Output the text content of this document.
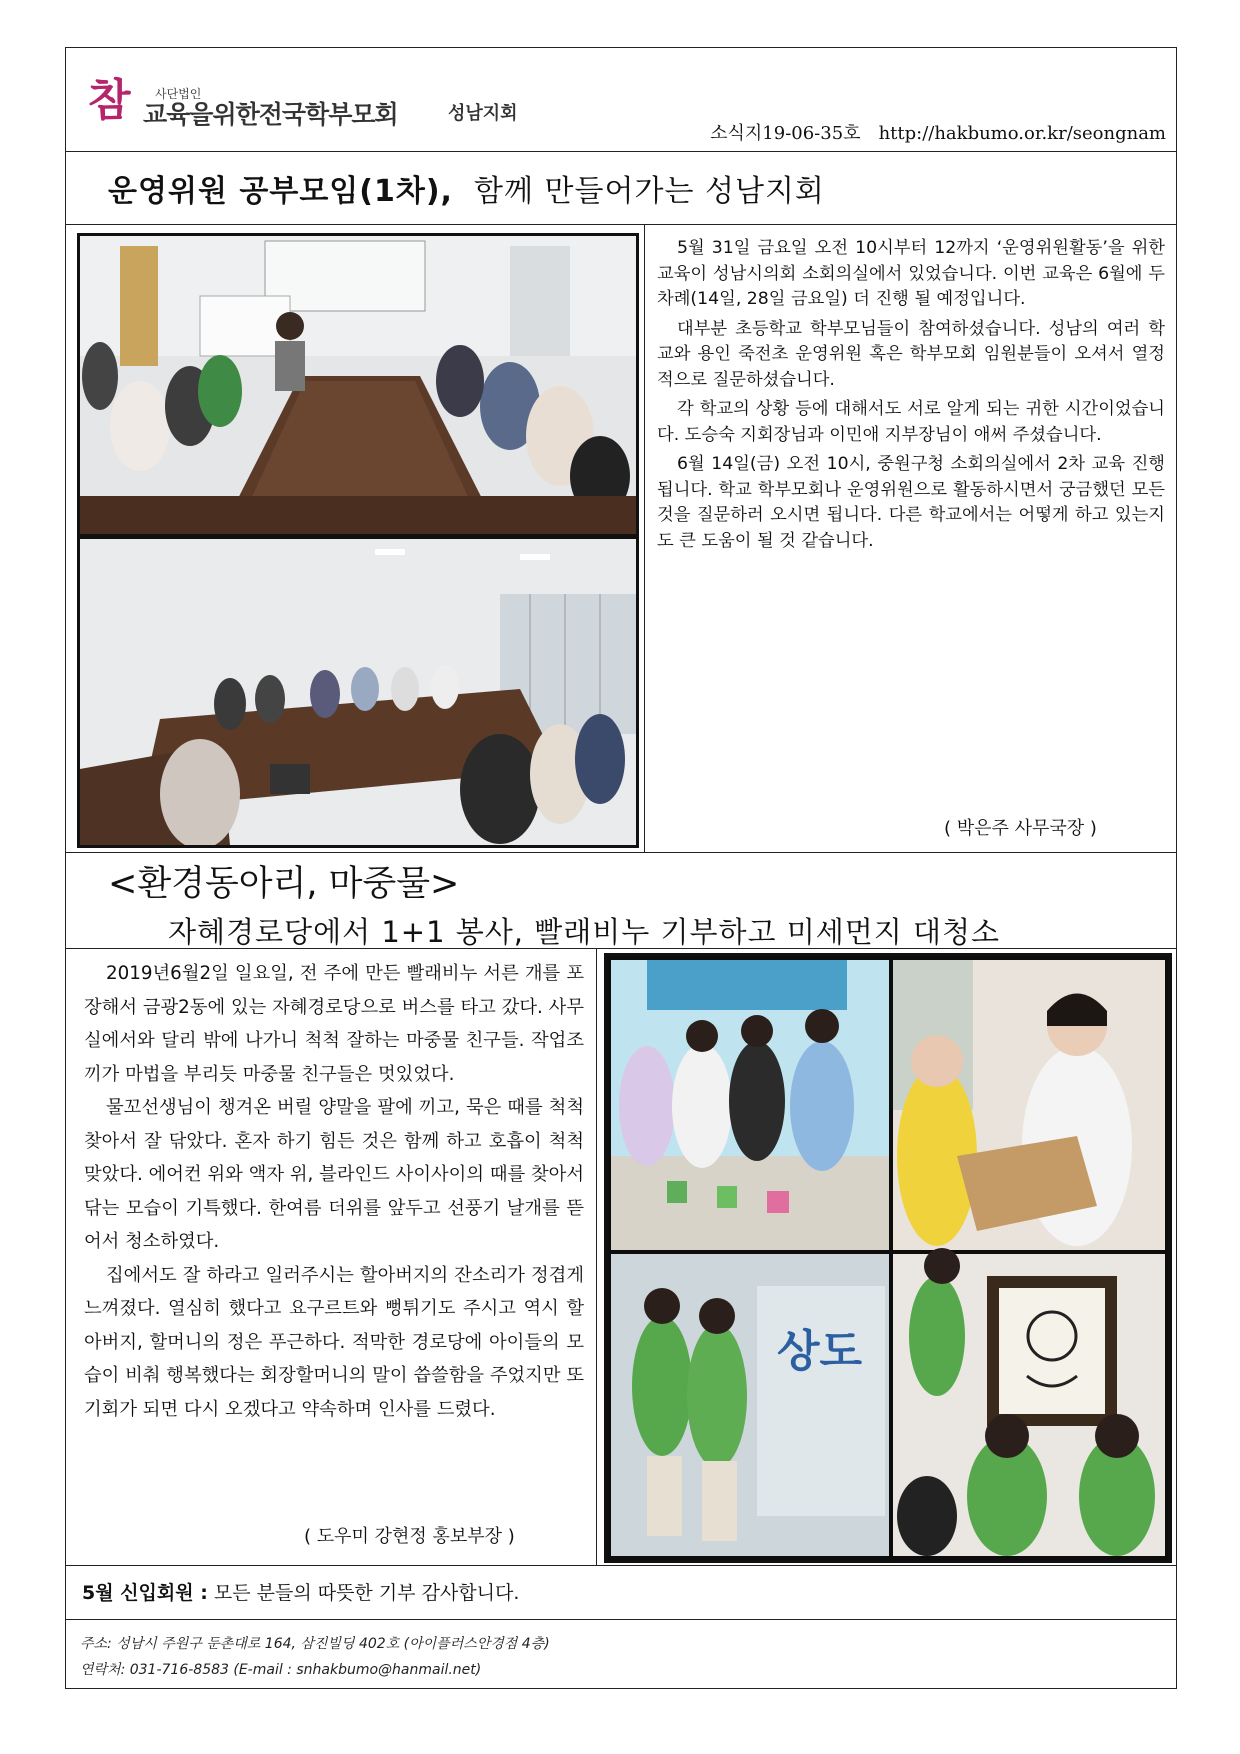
참	사단법인
교육을위한전국학부모회	성남지회
소식지19-06-35호 http://hakbumo.or.kr/seongnam
운영위원 공부모임(1차), 함께 만들어가는 성남지회

5월 31일 금요일 오전 10시부터 12까지 ‘운영위원활동’을 위한 교육이 성남시의회 소회의실에서 있었습니다. 이번 교육은 6월에 두 차례(14일, 28일 금요일) 더 진행 될 예정입니다.

대부분 초등학교 학부모님들이 참여하셨습니다. 성남의 여러 학교와 용인 죽전초 운영위원 혹은 학부모회 임원분들이 오셔서 열정적으로 질문하셨습니다.

각 학교의 상황 등에 대해서도 서로 알게 되는 귀한 시간이었습니다. 도승숙 지회장님과 이민애 지부장님이 애써 주셨습니다.

6월 14일(금) 오전 10시, 중원구청 소회의실에서 2차 교육 진행됩니다. 학교 학부모회나 운영위원으로 활동하시면서 궁금했던 모든 것을 질문하러 오시면 됩니다. 다른 학교에서는 어떻게 하고 있는지도 큰 도움이 될 것 같습니다.

( 박은주 사무국장 )
<환경동아리, 마중물>
자혜경로당에서 1+1 봉사, 빨래비누 기부하고 미세먼지 대청소

2019년6월2일 일요일, 전 주에 만든 빨래비누 서른 개를 포장해서 금광2동에 있는 자혜경로당으로 버스를 타고 갔다. 사무실에서와 달리 밖에 나가니 척척 잘하는 마중물 친구들. 작업조끼가 마법을 부리듯 마중물 친구들은 멋있었다.

물꼬선생님이 챙겨온 버릴 양말을 팔에 끼고, 묵은 때를 척척 찾아서 잘 닦았다. 혼자 하기 힘든 것은 함께 하고 호흡이 척척 맞았다. 에어컨 위와 액자 위, 블라인드 사이사이의 때를 찾아서 닦는 모습이 기특했다. 한여름 더위를 앞두고 선풍기 날개를 뜯어서 청소하였다.

집에서도 잘 하라고 일러주시는 할아버지의 잔소리가 정겹게 느껴졌다. 열심히 했다고 요구르트와 뻥튀기도 주시고 역시 할아버지, 할머니의 정은 푸근하다. 적막한 경로당에 아이들의 모습이 비춰 행복했다는 회장할머니의 말이 씁쓸함을 주었지만 또 기회가 되면 다시 오겠다고 약속하며 인사를 드렸다.

( 도우미 강현정 홍보부장 )
상도
5월 신입회원 : 모든 분들의 따뜻한 기부 감사합니다.
주소: 성남시 주원구 둔촌대로 164, 삼진빌딩 402호 (아이플러스안경점 4층)
연락처: 031-716-8583 (E-mail : snhakbumo@hanmail.net)
